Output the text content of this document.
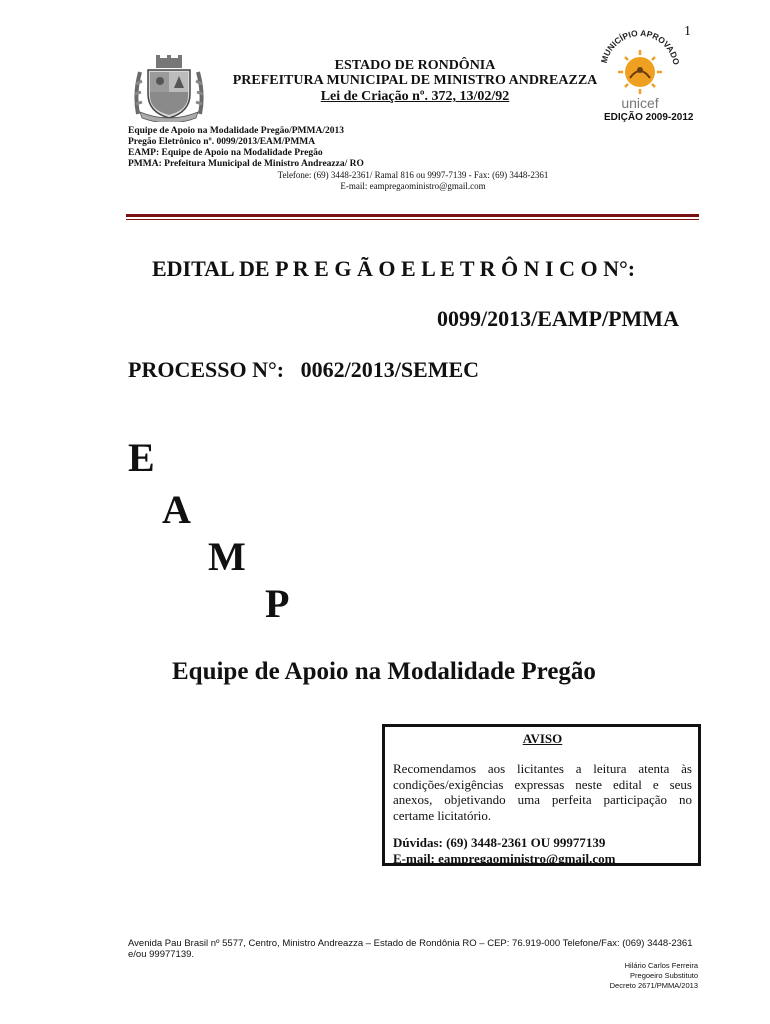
1
ESTADO DE RONDÔNIA
PREFEITURA MUNICIPAL DE MINISTRO ANDREAZZA
Lei de Criação nº. 372, 13/02/92
MUNICÍPIO APROVADO
unicef
EDIÇÃO 2009-2012
Equipe de Apoio na Modalidade Pregão/PMMA/2013
Pregão Eletrônico nº. 0099/2013/EAM/PMMA
EAMP: Equipe de Apoio na Modalidade Pregão
PMMA: Prefeitura Municipal de Ministro Andreazza/ RO
Telefone: (69) 3448-2361/ Ramal 816 ou 9997-7139 - Fax: (69) 3448-2361
E-mail: eampregaoministro@gmail.com
EDITAL DE P R E G Ã O E L E T R Ô N I C O N°:
0099/2013/EAMP/PMMA
PROCESSO N°:   0062/2013/SEMEC
E
A
M
P
Equipe de Apoio na Modalidade Pregão
AVISO
Recomendamos aos licitantes a leitura atenta às condições/exigências expressas neste edital e seus anexos, objetivando uma perfeita participação no certame licitatório.
Dúvidas: (69) 3448-2361 OU 99977139
E-mail: eampregaoministro@gmail.com
Avenida Pau Brasil nº 5577, Centro, Ministro Andreazza – Estado de Rondônia RO – CEP: 76.919-000 Telefone/Fax: (069) 3448-2361 e/ou 99977139.
Hilário Carlos Ferreira
Pregoeiro Substituto
Decreto 2671/PMMA/2013
